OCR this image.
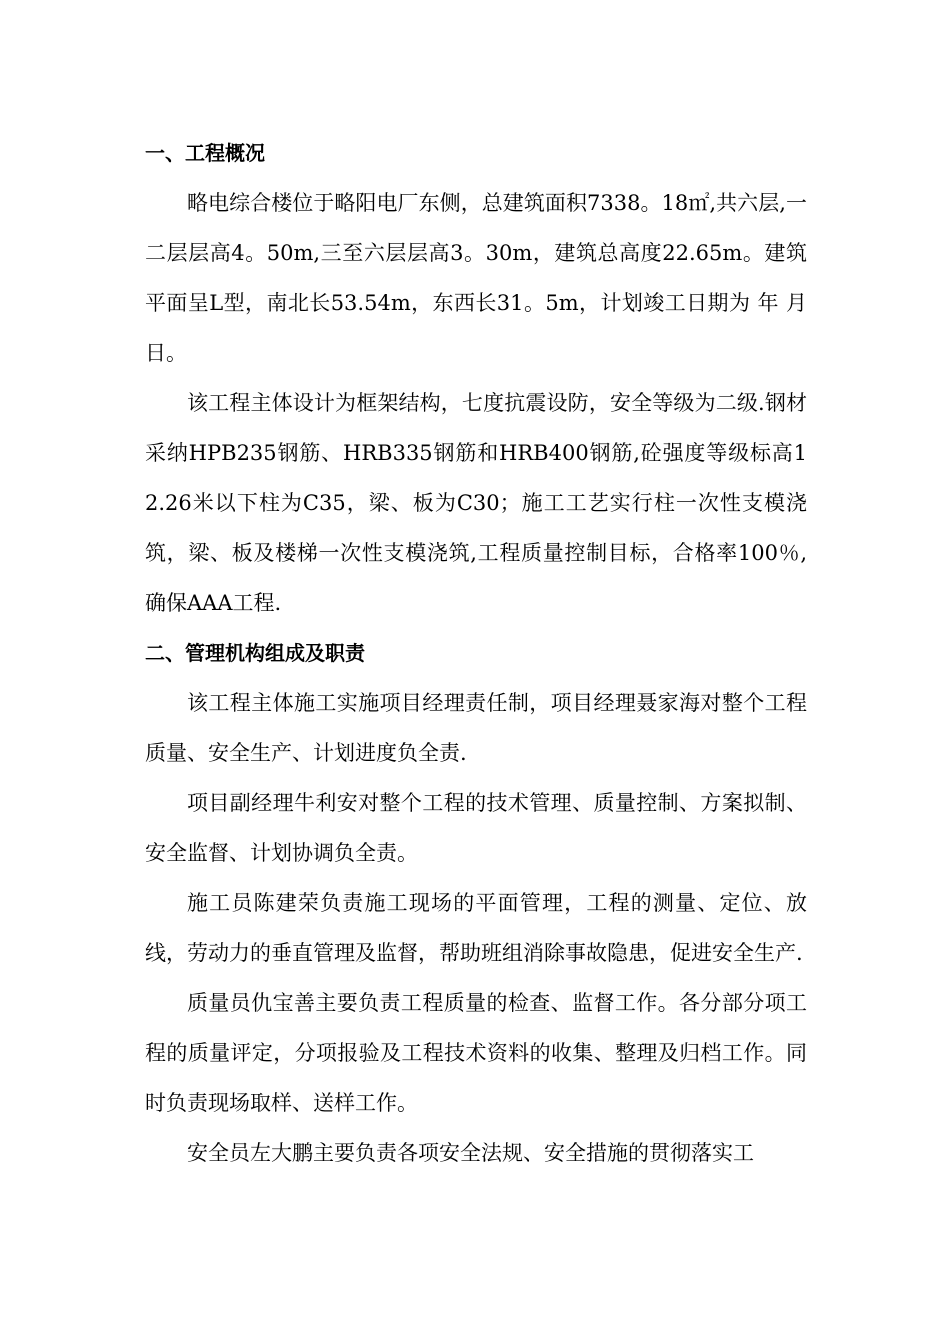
一、工程概况

略电综合楼位于略阳电厂东侧，总建筑面积7338。18㎡,共六层,一二层层高4。50m,三至六层层高3。30m，建筑总高度22.65m。建筑平面呈L型，南北长53.54m，东西长31。5m，计划竣工日期为 年 月 日。

该工程主体设计为框架结构，七度抗震设防，安全等级为二级.钢材采纳HPB235钢筋、HRB335钢筋和HRB400钢筋,砼强度等级标高12.26米以下柱为C35，梁、板为C30；施工工艺实行柱一次性支模浇筑，梁、板及楼梯一次性支模浇筑,工程质量控制目标，合格率100％,确保AAA工程.

二、管理机构组成及职责

该工程主体施工实施项目经理责任制，项目经理聂家海对整个工程质量、安全生产、计划进度负全责.

项目副经理牛利安对整个工程的技术管理、质量控制、方案拟制、安全监督、计划协调负全责。

施工员陈建荣负责施工现场的平面管理，工程的测量、定位、放线，劳动力的垂直管理及监督，帮助班组消除事故隐患，促进安全生产.

质量员仇宝善主要负责工程质量的检查、监督工作。各分部分项工程的质量评定，分项报验及工程技术资料的收集、整理及归档工作。同时负责现场取样、送样工作。

安全员左大鹏主要负责各项安全法规、安全措施的贯彻落实工
